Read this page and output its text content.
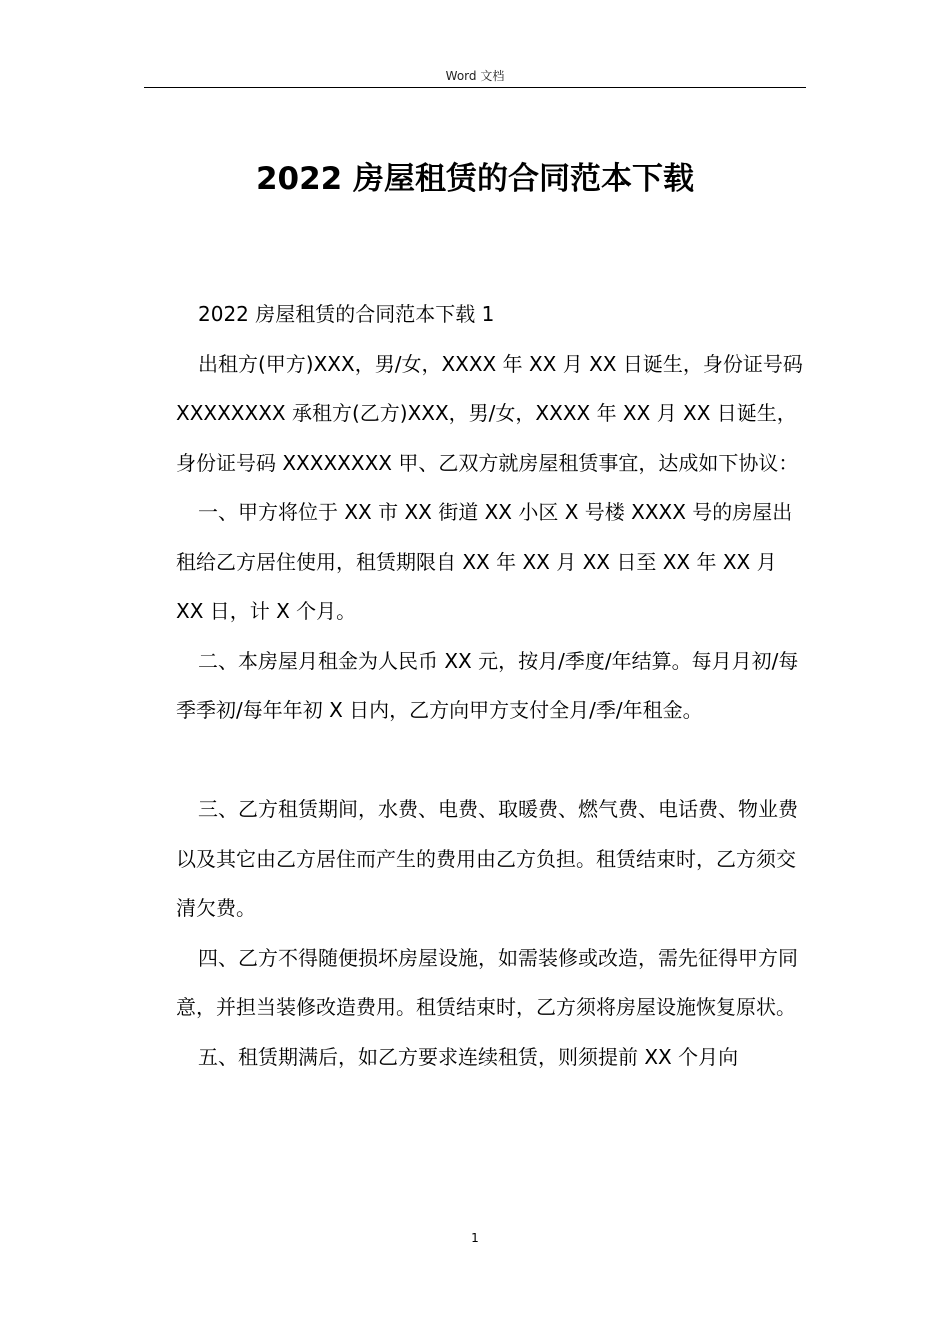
Word 文档
2022 房屋租赁的合同范本下载

2022 房屋租赁的合同范本下载 1

出租方(甲方)XXX，男/女，XXXX 年 XX 月 XX 日诞生，身份证号码 XXXXXXXX 承租方(乙方)XXX，男/女，XXXX 年 XX 月 XX 日诞生，身份证号码 XXXXXXXX 甲、乙双方就房屋租赁事宜，达成如下协议：

一、甲方将位于 XX 市 XX 街道 XX 小区 X 号楼 XXXX 号的房屋出租给乙方居住使用，租赁期限自 XX 年 XX 月 XX 日至 XX 年 XX 月 XX 日，计 X 个月。

二、本房屋月租金为人民币 XX 元，按月/季度/年结算。每月月初/每季季初/每年年初 X 日内，乙方向甲方支付全月/季/年租金。

三、乙方租赁期间，水费、电费、取暖费、燃气费、电话费、物业费以及其它由乙方居住而产生的费用由乙方负担。租赁结束时，乙方须交清欠费。

四、乙方不得随便损坏房屋设施，如需装修或改造，需先征得甲方同意，并担当装修改造费用。租赁结束时，乙方须将房屋设施恢复原状。

五、租赁期满后，如乙方要求连续租赁，则须提前 XX 个月向

1
